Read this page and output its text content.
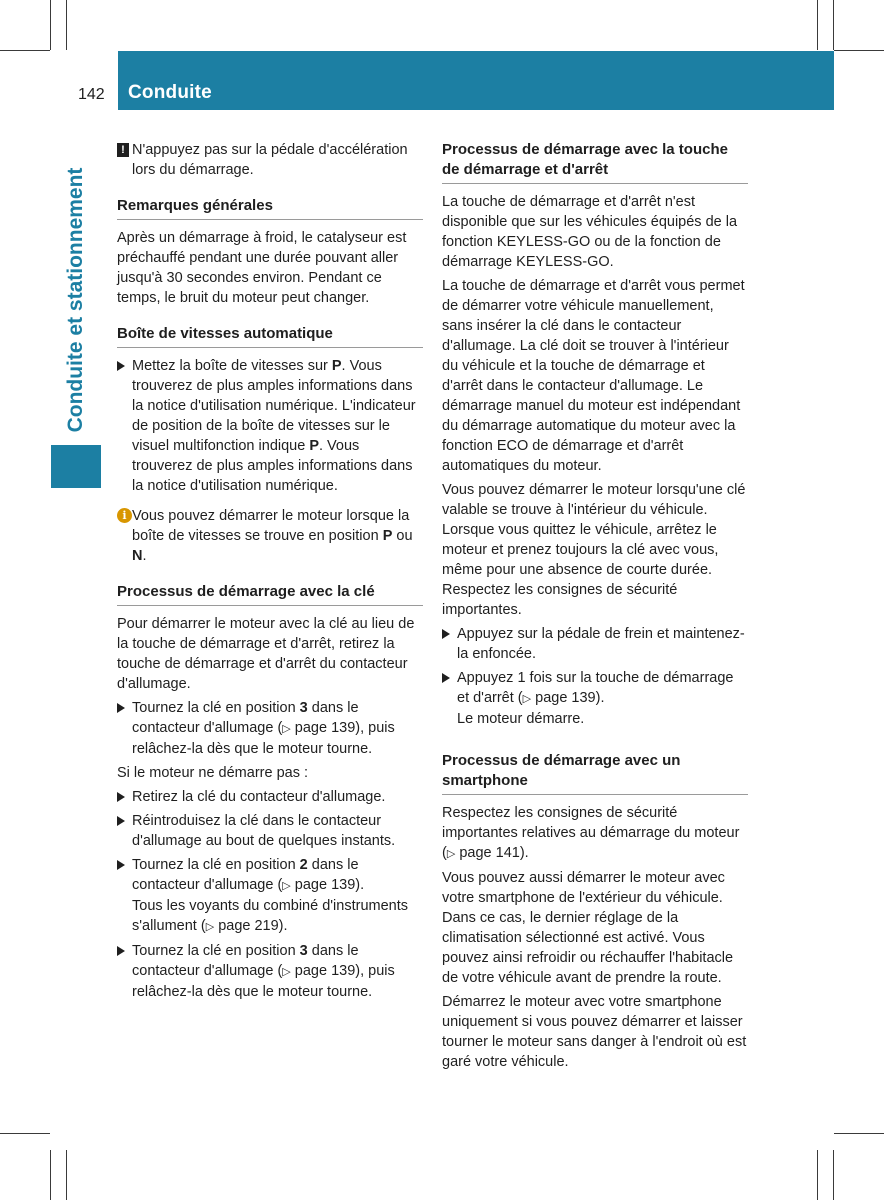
142 Conduite
Conduite et stationnement
! N'appuyez pas sur la pédale d'accélération lors du démarrage.
Remarques générales

Après un démarrage à froid, le catalyseur est préchauffé pendant une durée pouvant aller jusqu'à 30 secondes environ. Pendant ce temps, le bruit du moteur peut changer.

Boîte de vitesses automatique
Mettez la boîte de vitesses sur P. Vous trouverez de plus amples informations dans la notice d'utilisation numérique. L'indicateur de position de la boîte de vitesses sur le visuel multifonction indique P. Vous trouverez de plus amples informations dans la notice d'utilisation numérique.
i Vous pouvez démarrer le moteur lorsque la boîte de vitesses se trouve en position P ou N.
Processus de démarrage avec la clé

Pour démarrer le moteur avec la clé au lieu de la touche de démarrage et d'arrêt, retirez la touche de démarrage et d'arrêt du contacteur d'allumage.

Tournez la clé en position 3 dans le contacteur d'allumage (▷ page 139), puis relâchez-la dès que le moteur tourne.

Si le moteur ne démarre pas :

Retirez la clé du contacteur d'allumage.
Réintroduisez la clé dans le contacteur d'allumage au bout de quelques instants.
Tournez la clé en position 2 dans le contacteur d'allumage (▷ page 139).
Tous les voyants du combiné d'instruments s'allument (▷ page 219).
Tournez la clé en position 3 dans le contacteur d'allumage (▷ page 139), puis relâchez-la dès que le moteur tourne.
Processus de démarrage avec la touche de démarrage et d'arrêt

La touche de démarrage et d'arrêt n'est disponible que sur les véhicules équipés de la fonction KEYLESS-GO ou de la fonction de démarrage KEYLESS-GO.

La touche de démarrage et d'arrêt vous permet de démarrer votre véhicule manuellement, sans insérer la clé dans le contacteur d'allumage. La clé doit se trouver à l'intérieur du véhicule et la touche de démarrage et d'arrêt dans le contacteur d'allumage. Le démarrage manuel du moteur est indépendant du démarrage automatique du moteur avec la fonction ECO de démarrage et d'arrêt automatiques du moteur.

Vous pouvez démarrer le moteur lorsqu'une clé valable se trouve à l'intérieur du véhicule. Lorsque vous quittez le véhicule, arrêtez le moteur et prenez toujours la clé avec vous, même pour une absence de courte durée. Respectez les consignes de sécurité importantes.

Appuyez sur la pédale de frein et maintenez-la enfoncée.
Appuyez 1 fois sur la touche de démarrage et d'arrêt (▷ page 139).
Le moteur démarre.
Processus de démarrage avec un smartphone

Respectez les consignes de sécurité importantes relatives au démarrage du moteur (▷ page 141).

Vous pouvez aussi démarrer le moteur avec votre smartphone de l'extérieur du véhicule. Dans ce cas, le dernier réglage de la climatisation sélectionné est activé. Vous pouvez ainsi refroidir ou réchauffer l'habitacle de votre véhicule avant de prendre la route.

Démarrez le moteur avec votre smartphone uniquement si vous pouvez démarrer et laisser tourner le moteur sans danger à l'endroit où est garé votre véhicule.
